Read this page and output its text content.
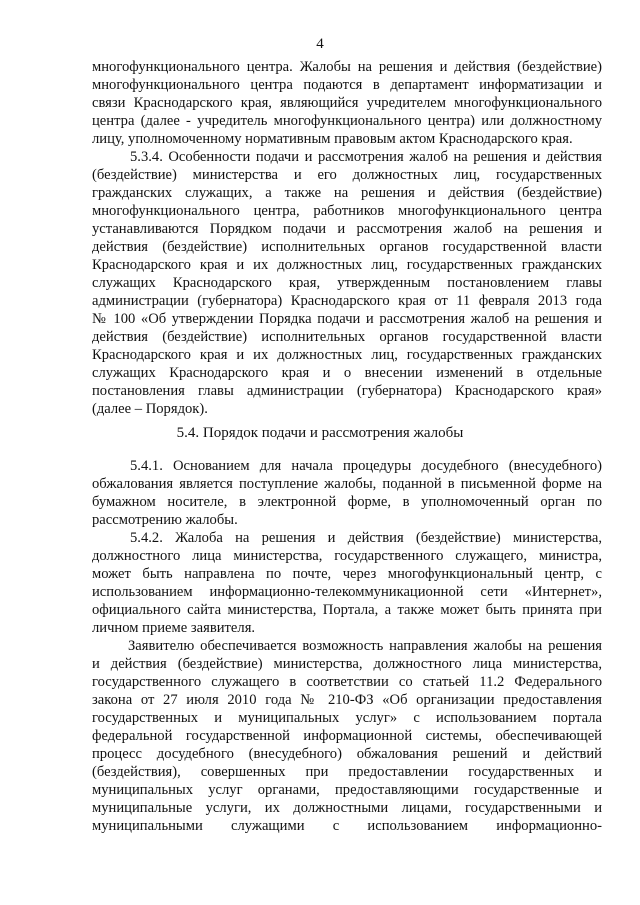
4
многофункционального центра. Жалобы на решения и действия (бездействие)
многофункционального центра подаются в департамент информатизации и
связи Краснодарского края, являющийся учредителем многофункционального
центра (далее - учредитель многофункционального центра) или должностному
лицу, уполномоченному нормативным правовым актом Краснодарского края.
5.3.4. Особенности подачи и рассмотрения жалоб на решения и действия
(бездействие) министерства и его должностных лиц, государственных
гражданских служащих, а также на решения и действия (бездействие)
многофункционального центра, работников многофункционального центра
устанавливаются Порядком подачи и рассмотрения жалоб на решения и
действия (бездействие) исполнительных органов государственной власти
Краснодарского края и их должностных лиц, государственных гражданских
служащих Краснодарского края, утвержденным постановлением главы
администрации (губернатора) Краснодарского края от 11 февраля 2013 года
№ 100 «Об утверждении Порядка подачи и рассмотрения жалоб на решения и
действия (бездействие) исполнительных органов государственной власти
Краснодарского края и их должностных лиц, государственных гражданских
служащих Краснодарского края и о внесении изменений в отдельные
постановления главы администрации (губернатора) Краснодарского края»
(далее – Порядок).
5.4. Порядок подачи и рассмотрения жалобы
5.4.1. Основанием для начала процедуры досудебного (внесудебного)
обжалования является поступление жалобы, поданной в письменной форме на
бумажном носителе, в электронной форме, в уполномоченный орган по
рассмотрению жалобы.
5.4.2. Жалоба на решения и действия (бездействие) министерства,
должностного лица министерства, государственного служащего, министра,
может быть направлена по почте, через многофункциональный центр, с
использованием информационно-телекоммуникационной сети «Интернет»,
официального сайта министерства, Портала, а также может быть принята при
личном приеме заявителя.
Заявителю обеспечивается возможность направления жалобы на решения
и действия (бездействие) министерства, должностного лица министерства,
государственного служащего в соответствии со статьей 11.2 Федерального
закона от 27 июля 2010 года № 210-ФЗ «Об организации предоставления
государственных и муниципальных услуг» с использованием портала
федеральной государственной информационной системы, обеспечивающей
процесс досудебного (внесудебного) обжалования решений и действий
(бездействия), совершенных при предоставлении государственных и
муниципальных услуг органами, предоставляющими государственные и
муниципальные услуги, их должностными лицами, государственными и
муниципальными служащими с использованием информационно-
